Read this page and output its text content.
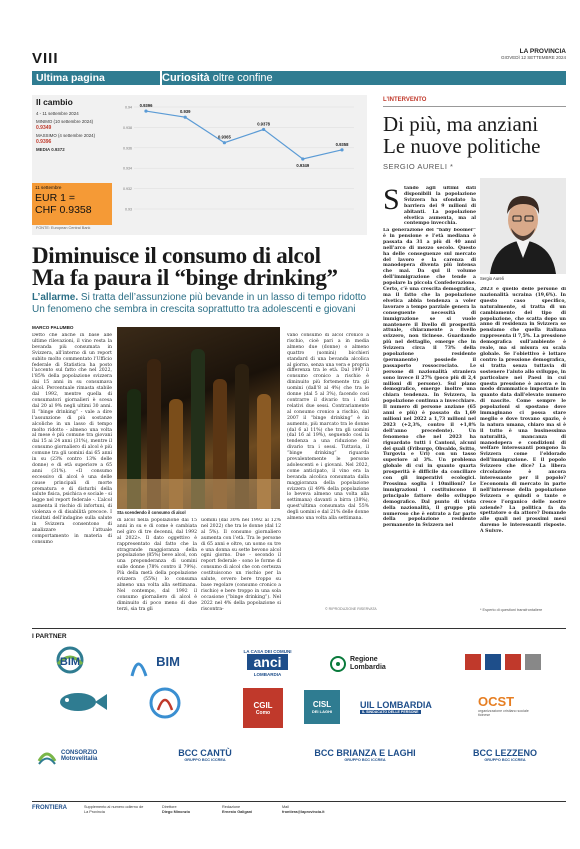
VIII	LA PROVINCIA
GIOVEDÌ 12 SETTEMBRE 2024
Ultima pagina	Curiosità oltre confine
Il cambio
4 - 11 settembre 2024
MINIMO (10 settembre 2024)
0.9349
MASSIMO (4 settembre 2024)
0.9396
MEDIA 0.9372
11 settembre
EUR 1 =
CHF 0.9358
FONTE: European Central Bank
0.94
0.938
0.936
0.934
0.932
0.93
0.9396
0.939
0.9365
0.9378
0.9349
0.9358
Diminuisce il consumo di alcol
Ma fa paura il “binge drinking”
L’allarme. Si tratta dell’assunzione più bevande in un lasso di tempo ridotto
Un fenomeno che sembra in crescita soprattutto tra adolescenti e giovani
MARCO PALUMBO
Detto che anche in base alle ultime rilevazioni, il vino resta la bevanda più consumata in Svizzera, all’interno di un report subito molto commentato l’Ufficio federale di Statistica ha posto l’accento sul fatto che nel 2022, l’85% della popolazione svizzera dai 15 anni in su consumava alcol. Percentuale rimasta stabile dal 1992, mentre quella di consumatori giornalieri è scesa dal 20 al 9% negli ultimi 30 anni. Il “binge drinking” - vale a dire l’assunzione di più sostanze alcoliche in un lasso di tempo molto ridotto - almeno una volta al mese è più comune tra giovani dai 15 ai 24 anni (31%), mentre il consumo giornaliero di alcol è più comune tra gli uomini dai 65 anni in su (23% contro 13% delle donne) e di età superiore a 65 anni (31%). «Il consumo eccessivo di alcol è una delle cause principali di morte prematura e di disturbi della salute fisica, psichica e sociale - si legge nel report federale -. L’alcol aumenta il rischio di infortuni, di violenza e di disabilità precoce. I risultati dell’indagine sulla salute in Svizzera consentono di analizzare l’attuale comportamento in materia di consumo
Sta scendendo il consumo di alcol
di alcol nella popolazione dai 15 anni in su e di come è cambiata nel giro di tre decenni, dal 1992 al 2022». Il dato oggettivo è rappresentato dal fatto che la stragrande maggioranza della popolazione (85%) beve alcol, con una preponderanza di uomini sulle donne (78% contro il 79%). Più della metà della popolazione svizzera (55%) lo consuma almeno una volta alla settimana. Nel contempo, dal 1992 il consumo giornaliero di alcol è diminuito di poco meno di due terzi, sia tra gli
uomini (dal 30% nel 1992 al 12% nel 2022) che tra le donne (dal 12 al 5%). Il consumo giornaliero aumenta con l’età. Tra le persone di 65 anni e oltre, un uomo su tre e una donna su sette bevono alcol ogni giorno. Due - secondo il report federale - sono le forme di consumo di alcol che con certezza costituiscono un rischio per la salute, ovvero bere troppo su base regolare (consumo cronico a rischio) e bere troppo in una sola occasione (“binge drinking”). Nel 2022 nel 4% della popolazione si riscontra-
vano consumo di alcol cronico a rischio, cioè pari a in media almeno due (donne) o almeno quattro (uomini) bicchieri standard di una bevanda alcolica al giorno, senza una vera e propria differenza tra le età. Dal 1997 il consumo cronico a rischio è diminuito più fortemente tra gli uomini (dall’8 al 4%) che tra le donne (dal 5 al 3%), facendo così contrarre il divario tra i dati relativi due sessi. Contrariamente al consumo cronico a rischio, dal 2007 il “binge drinking” è in aumento, più marcato tra le donne (dal 6 al 11%) che tra gli uomini (dal 16 al 19%), seguendo così la tendenza a una riduzione del divario tra i sessi. Tuttavia, il “binge drinking” riguarda prevalentemente le persone adolescenti e i giovani. Nel 2022, come anticipato, il vino era la bevanda alcolica consumata dalla maggioranza della popolazione svizzera (il 49% della popolazione lo beveva almeno una volta alla settimana) davanti a birra (38%), quest’ultima consumata dal 55% degli uomini e dal 21% delle donne almeno una volta alla settimana.
© RIPRODUZIONE RISERVATA
L’INTERVENTO
Di più, ma anziani
Le nuove politiche
SERGIO AURELI *
S tando agli ultimi dati disponibili la popolazione Svizzera ha sfondato la barriera dei 9 milioni di abitanti. La popolazione elvetica aumenta, ma al contempo invecchia.
La generazione dei “baby boomer” è in pensione e l’età mediana è passata da 31 a più di 40 anni nell’arco di mezzo secolo. Questo ha delle conseguenze sul mercato del lavoro e la carenza di manodopera diventa più intensa che mai. Da qui il volume dell’immigrazione che tende a popolare la piccola Confederazione. Certo, c’è una crescita demografica, ma il fatto che la popolazione elvetica abbia tendenza a voler lavorare a tempo parziale genera la conseguente necessità di immigrazione se si vuole mantenere il livello di prosperità attuale, chiaramente a livello svizzero, non ticinese. Guardando più nel dettaglio, emerge che in Svizzera circa il 73% della popolazione residente (permanente) possiede il passaporto rossocrociato. Le persone di nazionalità straniera sono invece il 27% (poco più di 2,4 milioni di persone). Sul piano demografico, emerge inoltre una chiara tendenza. In Svizzera, la popolazione continua a invecchiare. Il numero di persone anziane (65 anni e più) è passato da 1,69 milioni nel 2022 a 1,73 milioni nel 2023 (+2,3%, contro il +1,8% dell’anno precedente). Un fenomeno che nel 2023 ha riguardato tutti i Cantoni, alcuni dei quali (Friburgo, Obvaldo, Svitto, Turgovia e Uri) con un tasso superiore al 3%. Un problema globale di cui in quanto quarta prosperità è difficile da conciliare con gli imperativi ecologici. Prossima soglia i 10milioni? Le immigrazioni i costituiscono il principale fattore dello sviluppo demografico. Dal punto di vista della nazionalità, il gruppo più numeroso che è entrato a far parte della popolazione residente permanente in Svizzera nel
Sergio Aureli
2023 è quello delle persone di nazionalità ucraina (19,6%). In questo caso specifico, naturalmente, si tratta di un cambiamento del tipo di popolazione, che scatta dopo un anno di residenza in Svizzera se pensiamo che quella italiana rappresenta il 7,5%. La pressione demografica sull’ambiente è reale, ma si misura su scala globale. Se l’obiettivo è lottare contro la pressione demografica, si tratta senza tuttavia di sostenere l’aiuto allo sviluppo, in particolare nei Paesi in cui questa pressione è ancora e in modo drammatico importante in quanto data dall’elevato numero di nascite. Come sempre le popolazioni si spostano dove immaginano ci possa stare meglio e dove trovano spazio, è la natura umana, chiaro ma si è il tutto è una businessima naturalità, mancanza di manodopera e condizioni di welfare interessanti pongono la Svizzera come l’eldorado dell’immigrazione. E il popolo Svizzero che dice? La libera circolazione è ancora interessante per il popolo? L’economia di mercato in parte nell’interesse della popolazione Svizzera e quindi o tante e cresce l’organico delle nostre aziende? La politica fa da spettatore o da attore? Domande alle quali nei prossimi mesi daremo le interessanti risposte. A Suivre.
* Esperto di questioni transfrontaliere
I PARTNER
BIM	BIM
LA CASA DEI COMUNI
anci
LOMBARDIA
Regione
Lombardia
CGIL
Como
CISL
DEI LAGHI
UIL LOMBARDIA
IL SINDACATO DELLE PERSONE
OCST
organizzazione cristiano sociale ticinese
CONSORZIO Motovelitalia
BCC CANTÙ
GRUPPO BCC ICCREA
BCC BRIANZA E LAGHI
GRUPPO BCC ICCREA
BCC LEZZENO
GRUPPO BCC ICCREA
FRONTIERA	Supplemento al numero odierno de La Provincia
Direttore
Diego Minonzio
Redazione
Ernesto Galigani
Mail
frontiera@laprovincia.it
